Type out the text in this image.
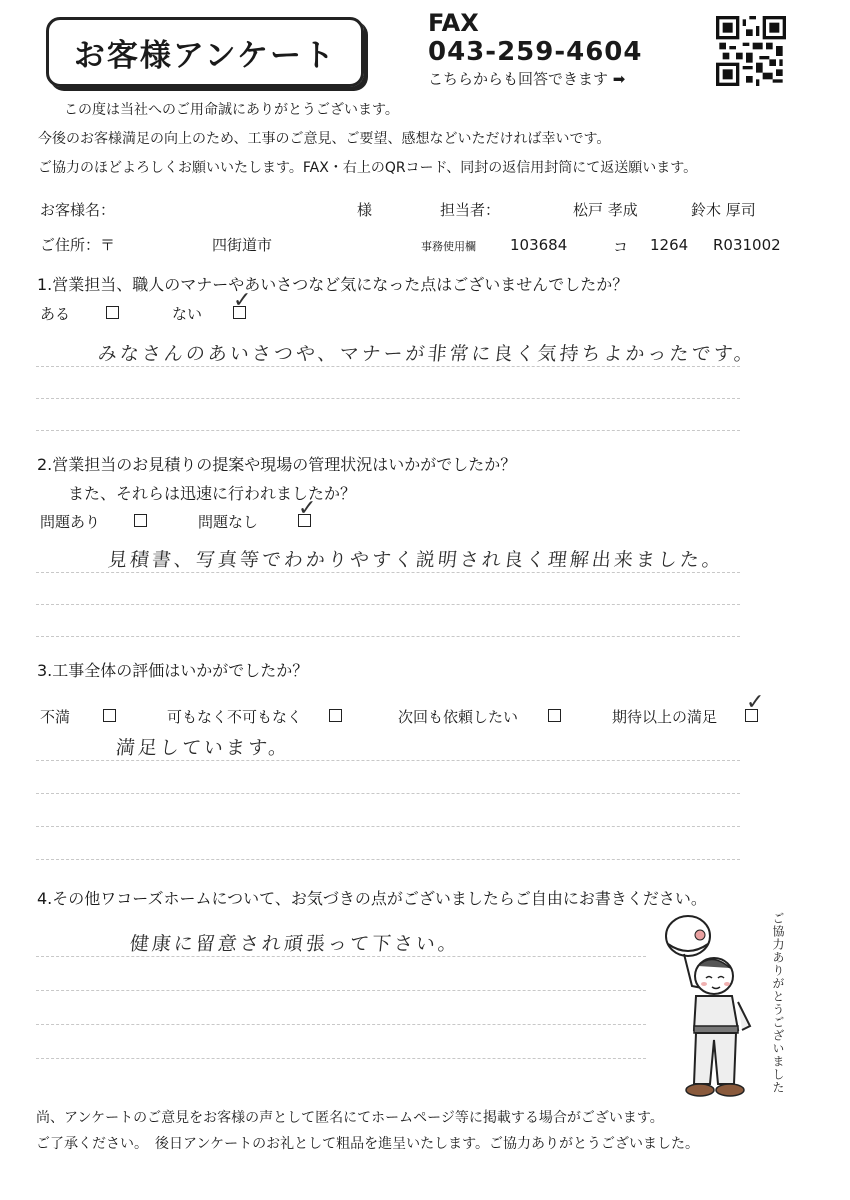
お客様アンケート
FAX
043-259-4604
こちらからも回答できます ➡
この度は当社へのご用命誠にありがとうございます。
今後のお客様満足の向上のため、工事のご意見、ご要望、感想などいただければ幸いです。
ご協力のほどよろしくお願いいたします。FAX・右上のQRコード、同封の返信用封筒にて返送願います。
お客様名：	様	担当者：	松戸 孝成	鈴木 厚司
ご住所：〒	四街道市	事務使用欄 103684	コ 1264 R031002
1.営業担当、職人のマナーやあいさつなど気になった点はございませんでしたか？
ある	ない
✓
みなさんのあいさつや、マナーが非常に良く気持ちよかったです。
2.営業担当のお見積りの提案や現場の管理状況はいかがでしたか？
また、それらは迅速に行われましたか？
問題あり	問題なし
✓
見積書、写真等でわかりやすく説明され良く理解出来ました。
3.工事全体の評価はいかがでしたか？
不満	可もなく不可もなく	次回も依頼したい	期待以上の満足
✓
満足しています。
4.その他ワコーズホームについて、お気づきの点がございましたらご自由にお書きください。
健康に留意され頑張って下さい。	ご協力ありがとうございました
尚、アンケートのご意見をお客様の声として匿名にてホームページ等に掲載する場合がございます。
ご了承ください。　後日アンケートのお礼として粗品を進呈いたします。ご協力ありがとうございました。
